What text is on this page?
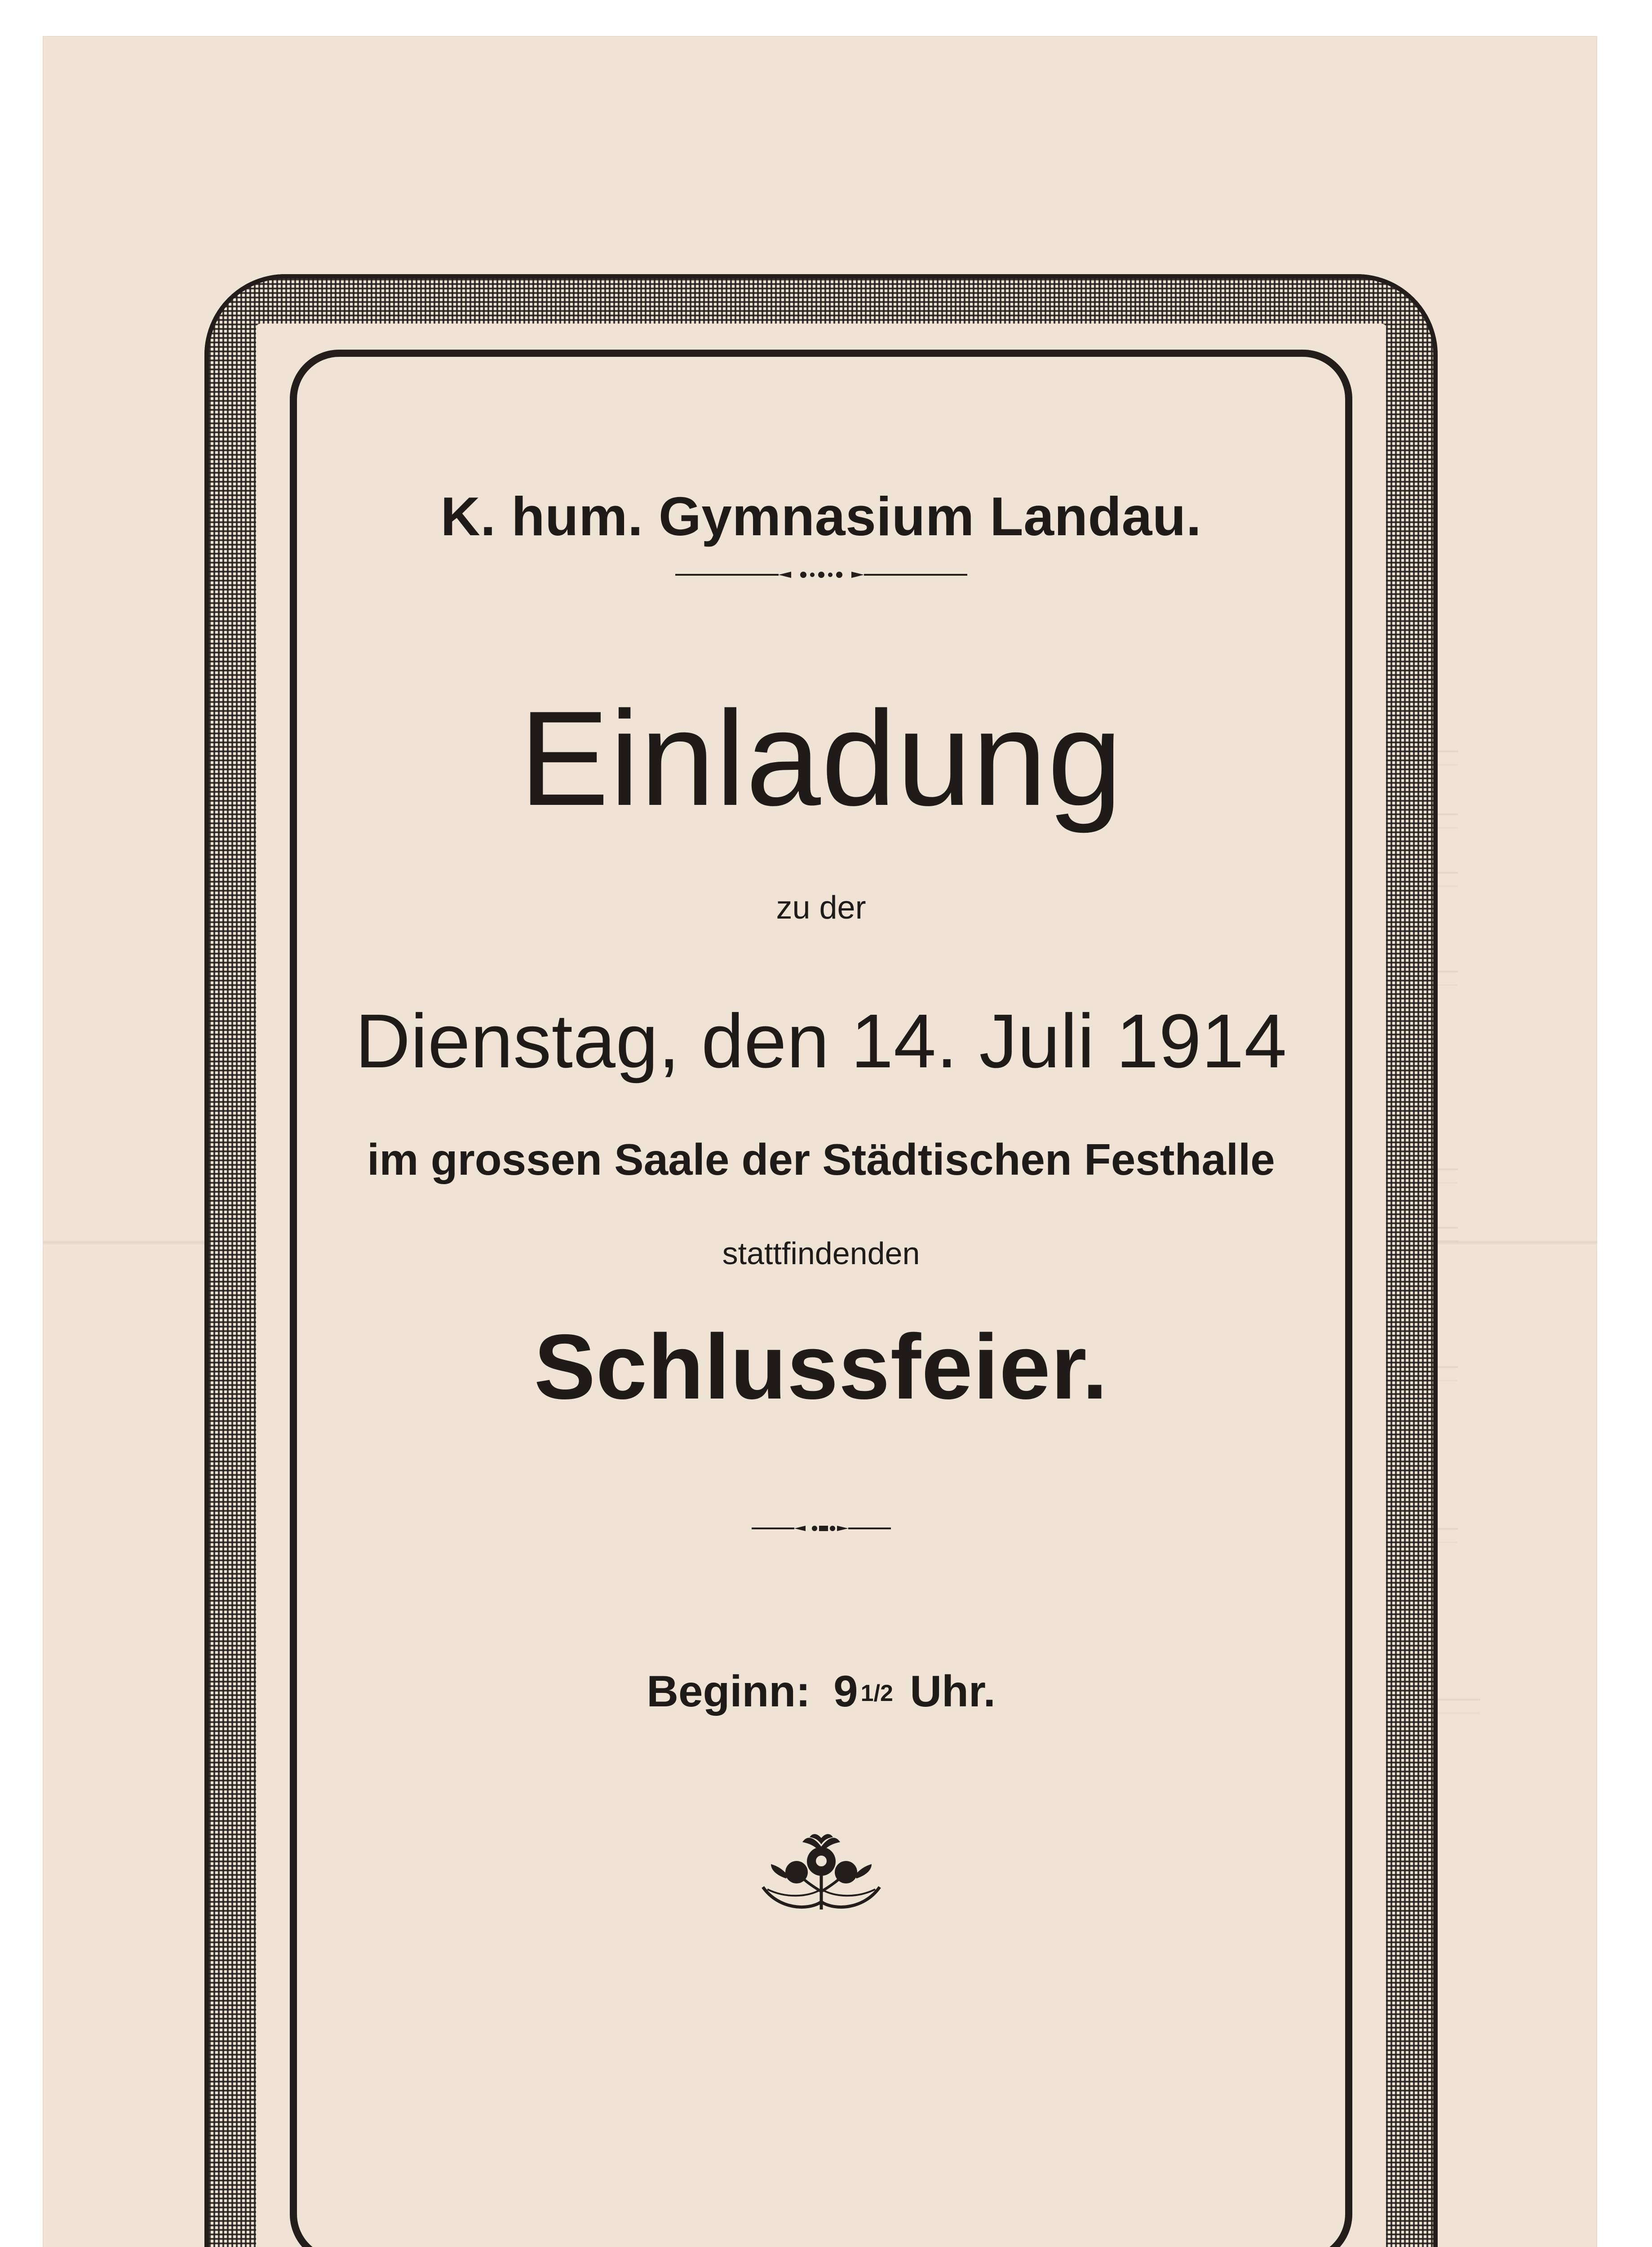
K. hum. Gymnasium Landau.
Einladung
zu der
Dienstag, den 14. Juli 1914
im grossen Saale der Städtischen Festhalle
stattfindenden
Schlussfeier.
Beginn: 9 1/2 Uhr.
